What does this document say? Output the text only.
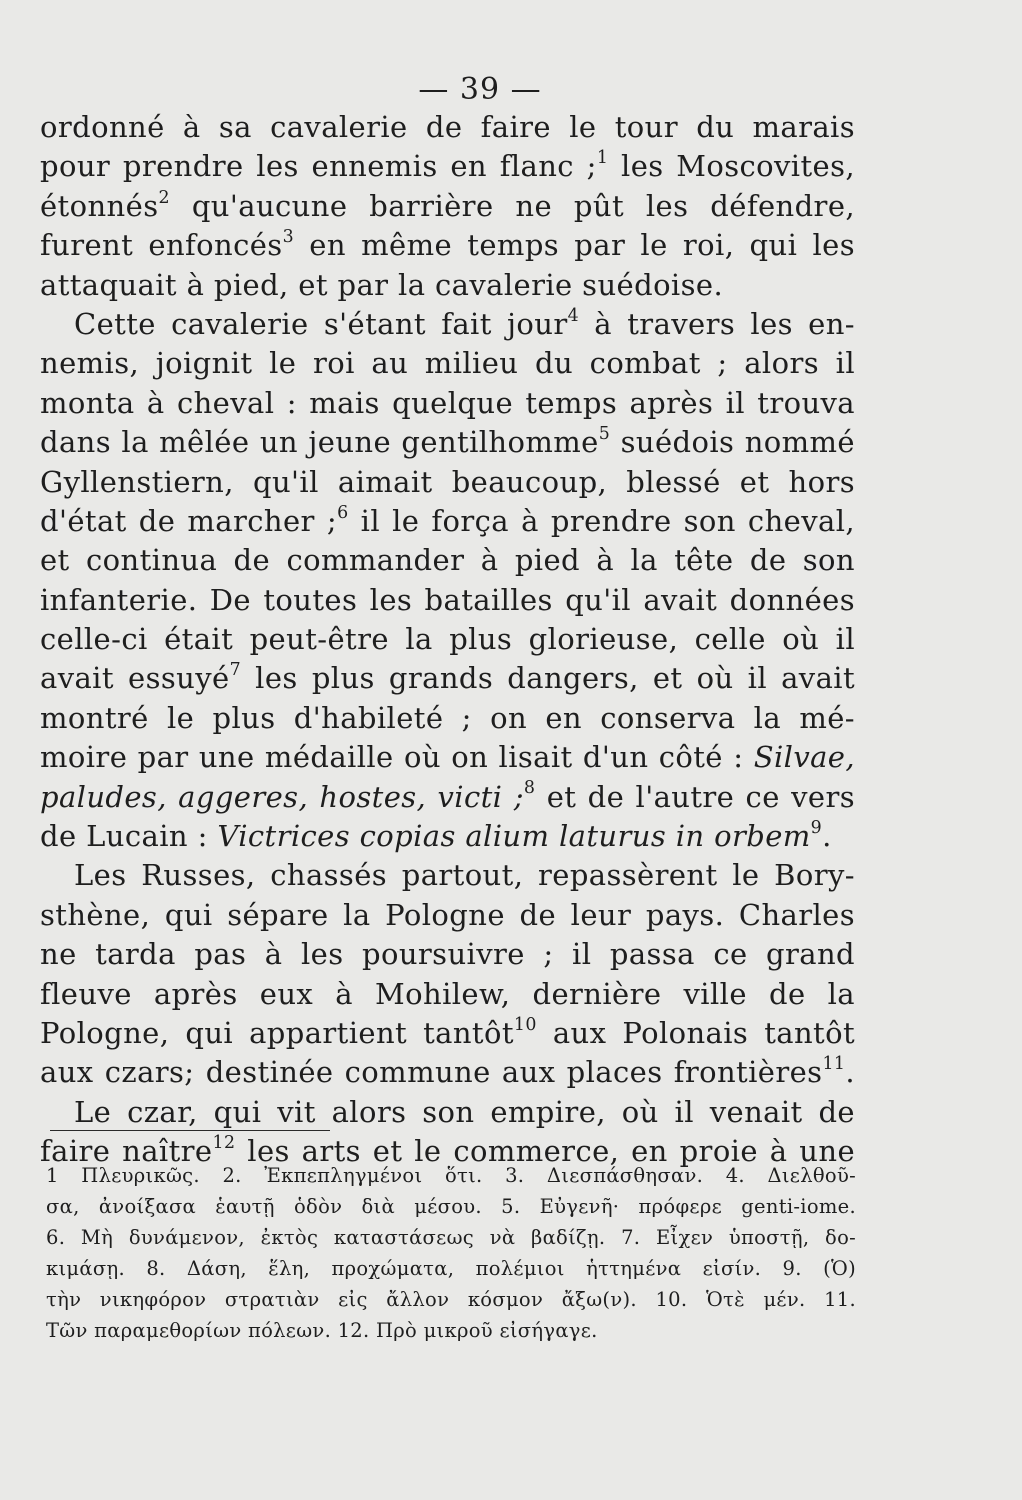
— 39 —
ordonné à sa cavalerie de faire le tour du marais
pour prendre les ennemis en flanc ;$^1$ les Moscovites,
étonnés$^2$ qu'aucune barrière ne pût les défendre,
furent enfoncés$^3$ en même temps par le roi, qui les
attaquait à pied, et par la cavalerie suédoise.
Cette cavalerie s'étant fait jour$^4$ à travers les en-
nemis, joignit le roi au milieu du combat ; alors il
monta à cheval : mais quelque temps après il trouva
dans la mêlée un jeune gentilhomme$^5$ suédois nommé
Gyllenstiern, qu'il aimait beaucoup, blessé et hors
d'état de marcher ;$^6$ il le força à prendre son cheval,
et continua de commander à pied à la tête de son
infanterie. De toutes les batailles qu'il avait données
celle-ci était peut-être la plus glorieuse, celle où il
avait essuyé$^7$ les plus grands dangers, et où il avait
montré le plus d'habileté ; on en conserva la mé-
moire par une médaille où on lisait d'un côté : Silvae,
paludes, aggeres, hostes, victi ;$^8$ et de l'autre ce vers
de Lucain : Victrices copias alium laturus in orbem$^9$.
Les Russes, chassés partout, repassèrent le Bory-
sthène, qui sépare la Pologne de leur pays. Charles
ne tarda pas à les poursuivre ; il passa ce grand
fleuve après eux à Mohilew, dernière ville de la
Pologne, qui appartient tantôt$^{10}$ aux Polonais tantôt
aux czars; destinée commune aux places frontières$^{11}$.
Le czar, qui vit alors son empire, où il venait de
faire naître$^{12}$ les arts et le commerce, en proie à une
1 Πλευρικῶς. 2. Ἐκπεπληγμένοι ὅτι. 3. Διεσπάσθησαν. 4. Διελθοῦ-
σα, ἀνοίξασα ἑαυτῇ ὁδὸν διὰ μέσου. 5. Εὐγενῆ· πρόφερε genti-iome.
6. Μὴ δυνάμενον, ἐκτὸς καταστάσεως νὰ βαδίζῃ. 7. Εἶχεν ὑποστῇ, δο-
κιμάσῃ. 8. Δάση, ἕλη, προχώματα, πολέμιοι ἡττημένα εἰσίν. 9. (Ὁ)
τὴν νικηφόρον στρατιὰν εἰς ἄλλον κόσμον ἄξω(ν). 10. Ὁτὲ μέν. 11.
Τῶν παραμεθορίων πόλεων. 12. Πρὸ μικροῦ εἰσήγαγε.
